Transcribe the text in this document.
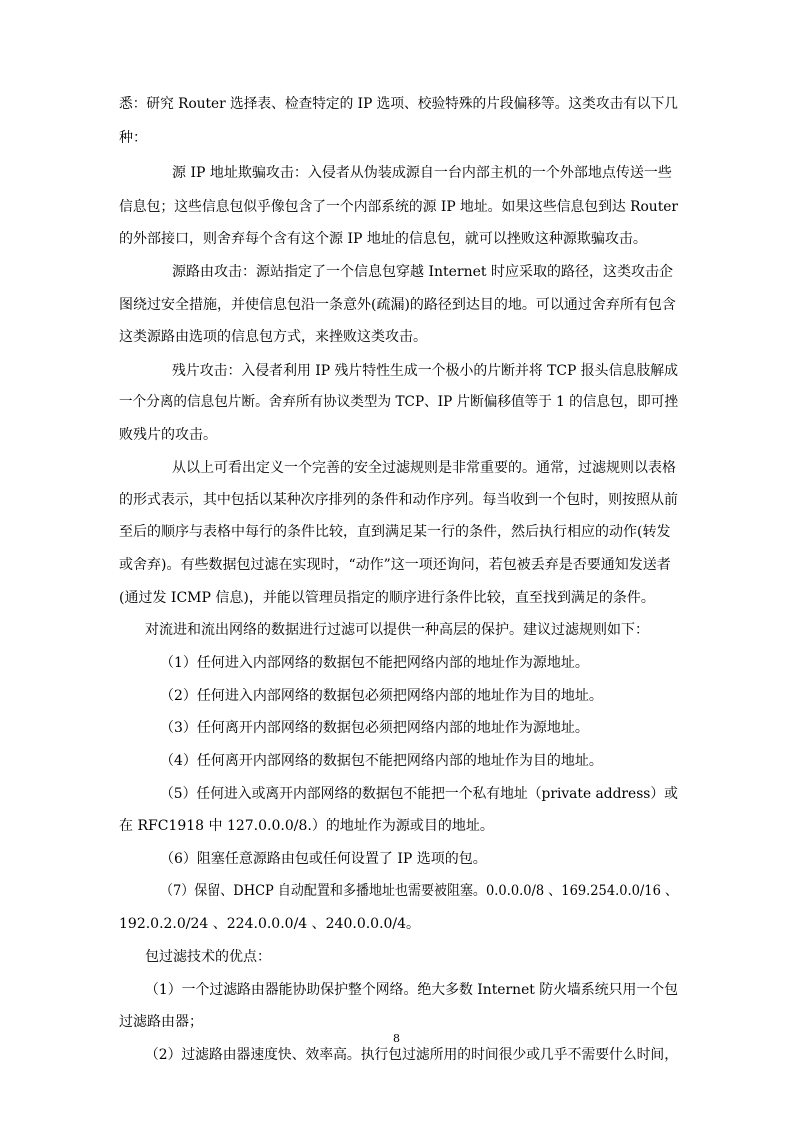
悉：研究 Router 选择表、检查特定的 IP 选项、校验特殊的片段偏移等。这类攻击有以下几
种：
源 IP 地址欺骗攻击：入侵者从伪装成源自一台内部主机的一个外部地点传送一些
信息包；这些信息包似乎像包含了一个内部系统的源 IP 地址。如果这些信息包到达 Router
的外部接口，则舍弃每个含有这个源 IP 地址的信息包，就可以挫败这种源欺骗攻击。
源路由攻击：源站指定了一个信息包穿越 Internet 时应采取的路径，这类攻击企
图绕过安全措施，并使信息包沿一条意外(疏漏)的路径到达目的地。可以通过舍弃所有包含
这类源路由选项的信息包方式，来挫败这类攻击。
残片攻击：入侵者利用 IP 残片特性生成一个极小的片断并将 TCP 报头信息肢解成
一个分离的信息包片断。舍弃所有协议类型为 TCP、IP 片断偏移值等于 1 的信息包，即可挫
败残片的攻击。
从以上可看出定义一个完善的安全过滤规则是非常重要的。通常，过滤规则以表格
的形式表示，其中包括以某种次序排列的条件和动作序列。每当收到一个包时，则按照从前
至后的顺序与表格中每行的条件比较，直到满足某一行的条件，然后执行相应的动作(转发
或舍弃)。有些数据包过滤在实现时，“动作”这一项还询问，若包被丢弃是否要通知发送者
(通过发 ICMP 信息)，并能以管理员指定的顺序进行条件比较，直至找到满足的条件。
对流进和流出网络的数据进行过滤可以提供一种高层的保护。建议过滤规则如下：
（1）任何进入内部网络的数据包不能把网络内部的地址作为源地址。
（2）任何进入内部网络的数据包必须把网络内部的地址作为目的地址。
（3）任何离开内部网络的数据包必须把网络内部的地址作为源地址。
（4）任何离开内部网络的数据包不能把网络内部的地址作为目的地址。
（5）任何进入或离开内部网络的数据包不能把一个私有地址（private address）或
在 RFC1918 中 127.0.0.0/8.）的地址作为源或目的地址。
（6）阻塞任意源路由包或任何设置了 IP 选项的包。
（7）保留、DHCP 自动配置和多播地址也需要被阻塞。0.0.0.0/8 、169.254.0.0/16 、
192.0.2.0/24 、224.0.0.0/4 、240.0.0.0/4。
包过滤技术的优点：
（1）一个过滤路由器能协助保护整个网络。绝大多数 Internet 防火墙系统只用一个包
过滤路由器；
（2）过滤路由器速度快、效率高。执行包过滤所用的时间很少或几乎不需要什么时间，
8
